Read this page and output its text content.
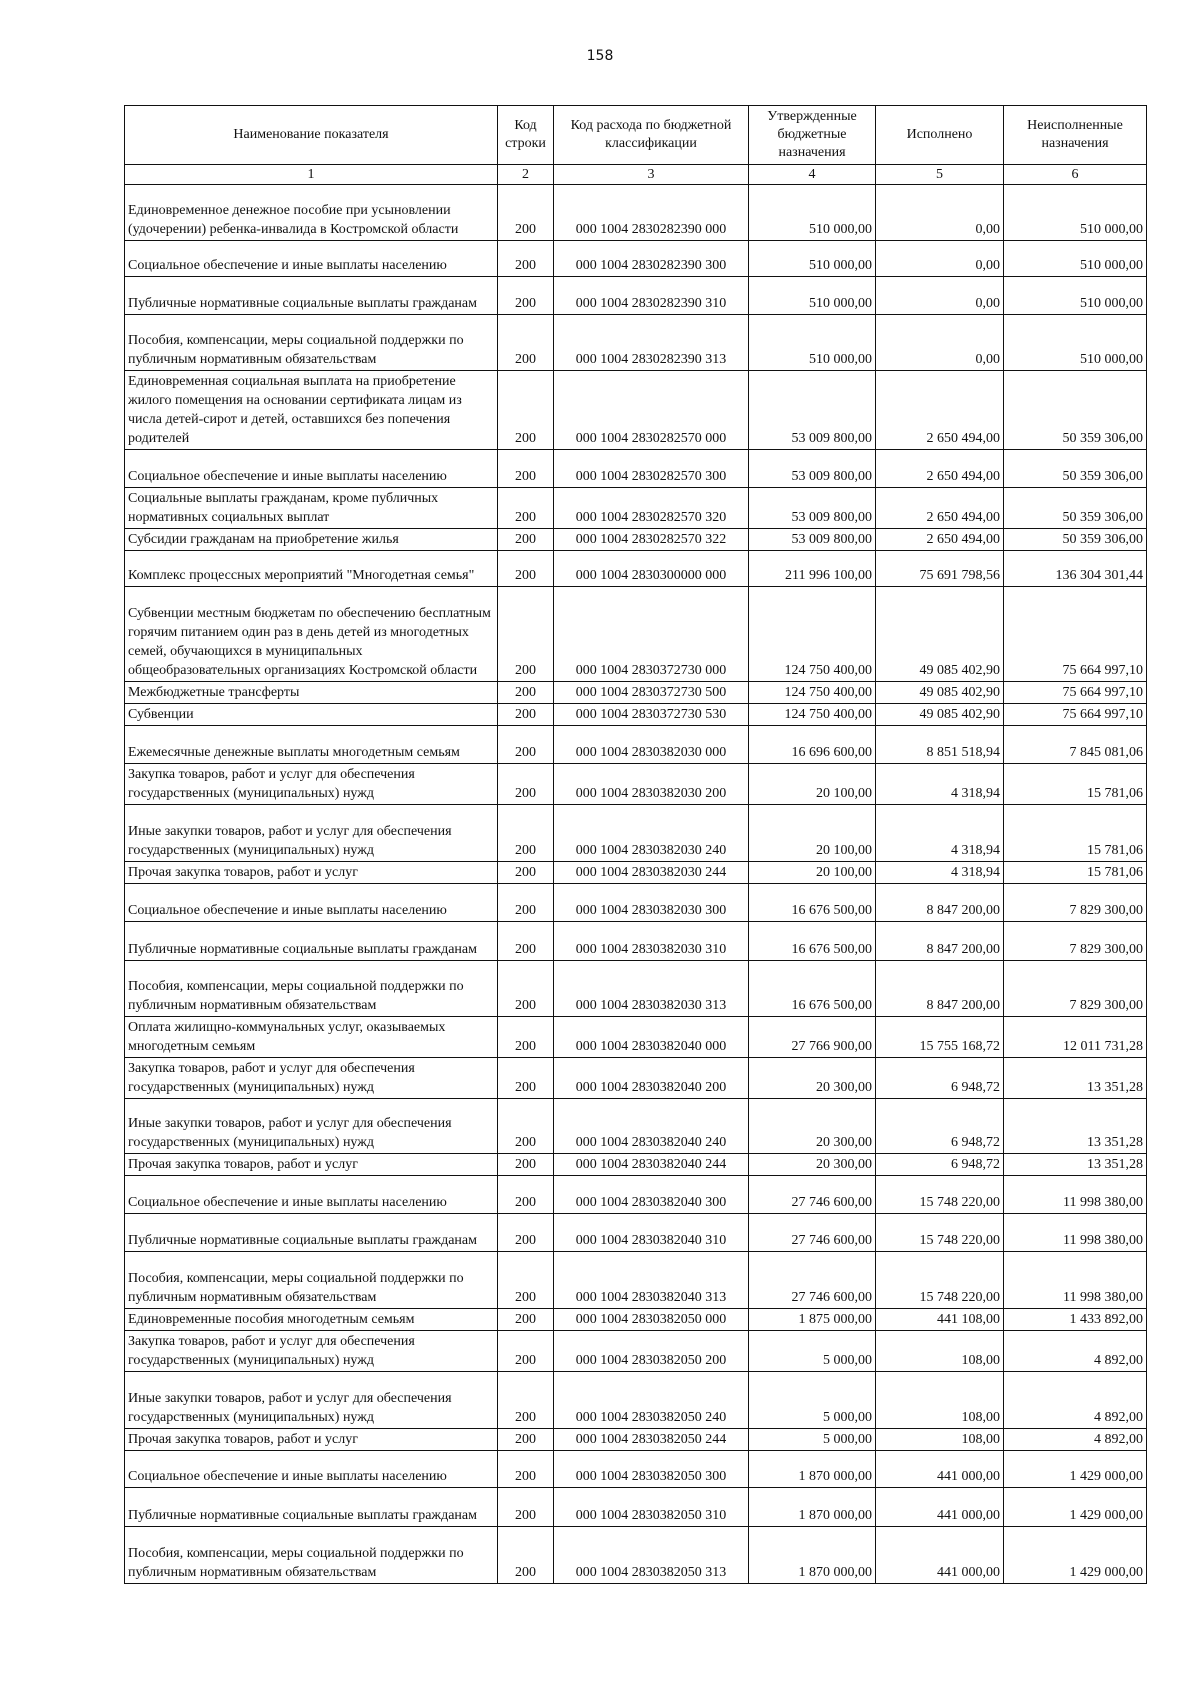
158
Наименование показателя	Код строки	Код расхода по бюджетной классификации	Утвержденные бюджетные назначения	Исполнено	Неисполненные назначения
1	2	3	4	5	6
Единовременное денежное пособие при усыновлении (удочерении) ребенка-инвалида в Костромской области	200	000 1004 2830282390 000	510 000,00	0,00	510 000,00
Социальное обеспечение и иные выплаты населению	200	000 1004 2830282390 300	510 000,00	0,00	510 000,00
Публичные нормативные социальные выплаты гражданам	200	000 1004 2830282390 310	510 000,00	0,00	510 000,00
Пособия, компенсации, меры социальной поддержки по публичным нормативным обязательствам	200	000 1004 2830282390 313	510 000,00	0,00	510 000,00
Единовременная социальная выплата на приобретение жилого помещения на основании сертификата лицам из числа детей-сирот и детей, оставшихся без попечения родителей	200	000 1004 2830282570 000	53 009 800,00	2 650 494,00	50 359 306,00
Социальное обеспечение и иные выплаты населению	200	000 1004 2830282570 300	53 009 800,00	2 650 494,00	50 359 306,00
Социальные выплаты гражданам, кроме публичных нормативных социальных выплат	200	000 1004 2830282570 320	53 009 800,00	2 650 494,00	50 359 306,00
Субсидии гражданам на приобретение жилья	200	000 1004 2830282570 322	53 009 800,00	2 650 494,00	50 359 306,00
Комплекс процессных мероприятий "Многодетная семья"	200	000 1004 2830300000 000	211 996 100,00	75 691 798,56	136 304 301,44
Субвенции местным бюджетам по обеспечению бесплатным горячим питанием один раз в день детей из многодетных семей, обучающихся в муниципальных общеобразовательных организациях Костромской области	200	000 1004 2830372730 000	124 750 400,00	49 085 402,90	75 664 997,10
Межбюджетные трансферты	200	000 1004 2830372730 500	124 750 400,00	49 085 402,90	75 664 997,10
Субвенции	200	000 1004 2830372730 530	124 750 400,00	49 085 402,90	75 664 997,10
Ежемесячные денежные выплаты многодетным семьям	200	000 1004 2830382030 000	16 696 600,00	8 851 518,94	7 845 081,06
Закупка товаров, работ и услуг для обеспечения государственных (муниципальных) нужд	200	000 1004 2830382030 200	20 100,00	4 318,94	15 781,06
Иные закупки товаров, работ и услуг для обеспечения государственных (муниципальных) нужд	200	000 1004 2830382030 240	20 100,00	4 318,94	15 781,06
Прочая закупка товаров, работ и услуг	200	000 1004 2830382030 244	20 100,00	4 318,94	15 781,06
Социальное обеспечение и иные выплаты населению	200	000 1004 2830382030 300	16 676 500,00	8 847 200,00	7 829 300,00
Публичные нормативные социальные выплаты гражданам	200	000 1004 2830382030 310	16 676 500,00	8 847 200,00	7 829 300,00
Пособия, компенсации, меры социальной поддержки по публичным нормативным обязательствам	200	000 1004 2830382030 313	16 676 500,00	8 847 200,00	7 829 300,00
Оплата жилищно-коммунальных услуг, оказываемых многодетным семьям	200	000 1004 2830382040 000	27 766 900,00	15 755 168,72	12 011 731,28
Закупка товаров, работ и услуг для обеспечения государственных (муниципальных) нужд	200	000 1004 2830382040 200	20 300,00	6 948,72	13 351,28
Иные закупки товаров, работ и услуг для обеспечения государственных (муниципальных) нужд	200	000 1004 2830382040 240	20 300,00	6 948,72	13 351,28
Прочая закупка товаров, работ и услуг	200	000 1004 2830382040 244	20 300,00	6 948,72	13 351,28
Социальное обеспечение и иные выплаты населению	200	000 1004 2830382040 300	27 746 600,00	15 748 220,00	11 998 380,00
Публичные нормативные социальные выплаты гражданам	200	000 1004 2830382040 310	27 746 600,00	15 748 220,00	11 998 380,00
Пособия, компенсации, меры социальной поддержки по публичным нормативным обязательствам	200	000 1004 2830382040 313	27 746 600,00	15 748 220,00	11 998 380,00
Единовременные пособия многодетным семьям	200	000 1004 2830382050 000	1 875 000,00	441 108,00	1 433 892,00
Закупка товаров, работ и услуг для обеспечения государственных (муниципальных) нужд	200	000 1004 2830382050 200	5 000,00	108,00	4 892,00
Иные закупки товаров, работ и услуг для обеспечения государственных (муниципальных) нужд	200	000 1004 2830382050 240	5 000,00	108,00	4 892,00
Прочая закупка товаров, работ и услуг	200	000 1004 2830382050 244	5 000,00	108,00	4 892,00
Социальное обеспечение и иные выплаты населению	200	000 1004 2830382050 300	1 870 000,00	441 000,00	1 429 000,00
Публичные нормативные социальные выплаты гражданам	200	000 1004 2830382050 310	1 870 000,00	441 000,00	1 429 000,00
Пособия, компенсации, меры социальной поддержки по публичным нормативным обязательствам	200	000 1004 2830382050 313	1 870 000,00	441 000,00	1 429 000,00
